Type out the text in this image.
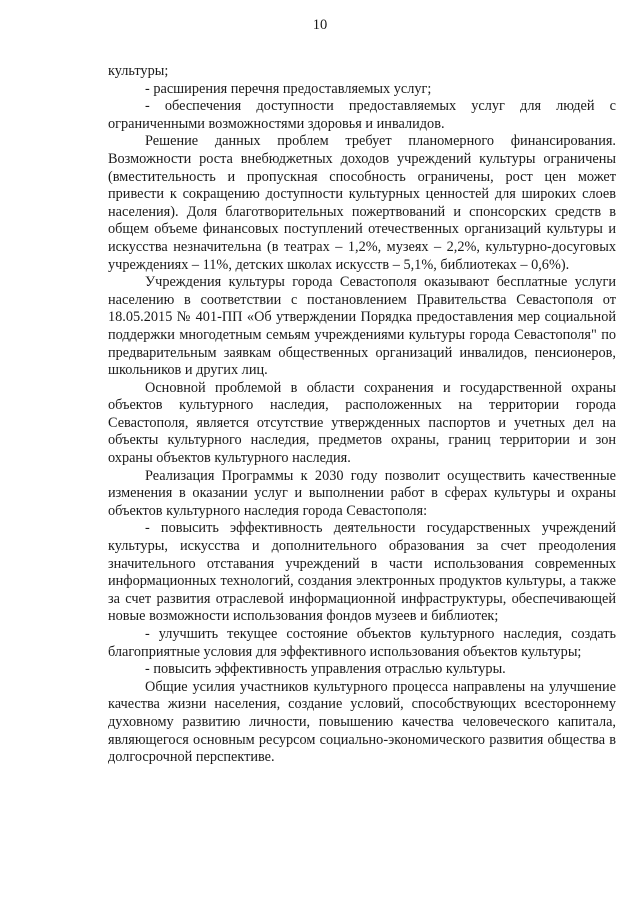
10

культуры;

- расширения перечня предоставляемых услуг;

- обеспечения доступности предоставляемых услуг для людей с ограниченными возможностями здоровья и инвалидов.

Решение данных проблем требует планомерного финансирования. Возможности роста внебюджетных доходов учреждений культуры ограничены (вместительность и пропускная способность ограничены, рост цен может привести к сокращению доступности культурных ценностей для широких слоев населения). Доля благотворительных пожертвований и спонсорских средств в общем объеме финансовых поступлений отечественных организаций культуры и искусства незначительна (в театрах – 1,2%, музеях – 2,2%, культурно-досуговых учреждениях – 11%, детских школах искусств – 5,1%, библиотеках – 0,6%).

Учреждения культуры города Севастополя оказывают бесплатные услуги населению в соответствии с постановлением Правительства Севастополя от 18.05.2015 № 401-ПП «Об утверждении Порядка предоставления мер социальной поддержки многодетным семьям учреждениями культуры города Севастополя" по предварительным заявкам общественных организаций инвалидов, пенсионеров, школьников и других лиц.

Основной проблемой в области сохранения и государственной охраны объектов культурного наследия, расположенных на территории города Севастополя, является отсутствие утвержденных паспортов и учетных дел на объекты культурного наследия, предметов охраны, границ территории и зон охраны объектов культурного наследия.

Реализация Программы к 2030 году позволит осуществить качественные изменения в оказании услуг и выполнении работ в сферах культуры и охраны объектов культурного наследия города Севастополя:

- повысить эффективность деятельности государственных учреждений культуры, искусства и дополнительного образования за счет преодоления значительного отставания учреждений в части использования современных информационных технологий, создания электронных продуктов культуры, а также за счет развития отраслевой информационной инфраструктуры, обеспечивающей новые возможности использования фондов музеев и библиотек;

- улучшить текущее состояние объектов культурного наследия, создать благоприятные условия для эффективного использования объектов культуры;

- повысить эффективность управления отраслью культуры.

Общие усилия участников культурного процесса направлены на улучшение качества жизни населения, создание условий, способствующих всестороннему духовному развитию личности, повышению качества человеческого капитала, являющегося основным ресурсом социально-экономического развития общества в долгосрочной перспективе.
